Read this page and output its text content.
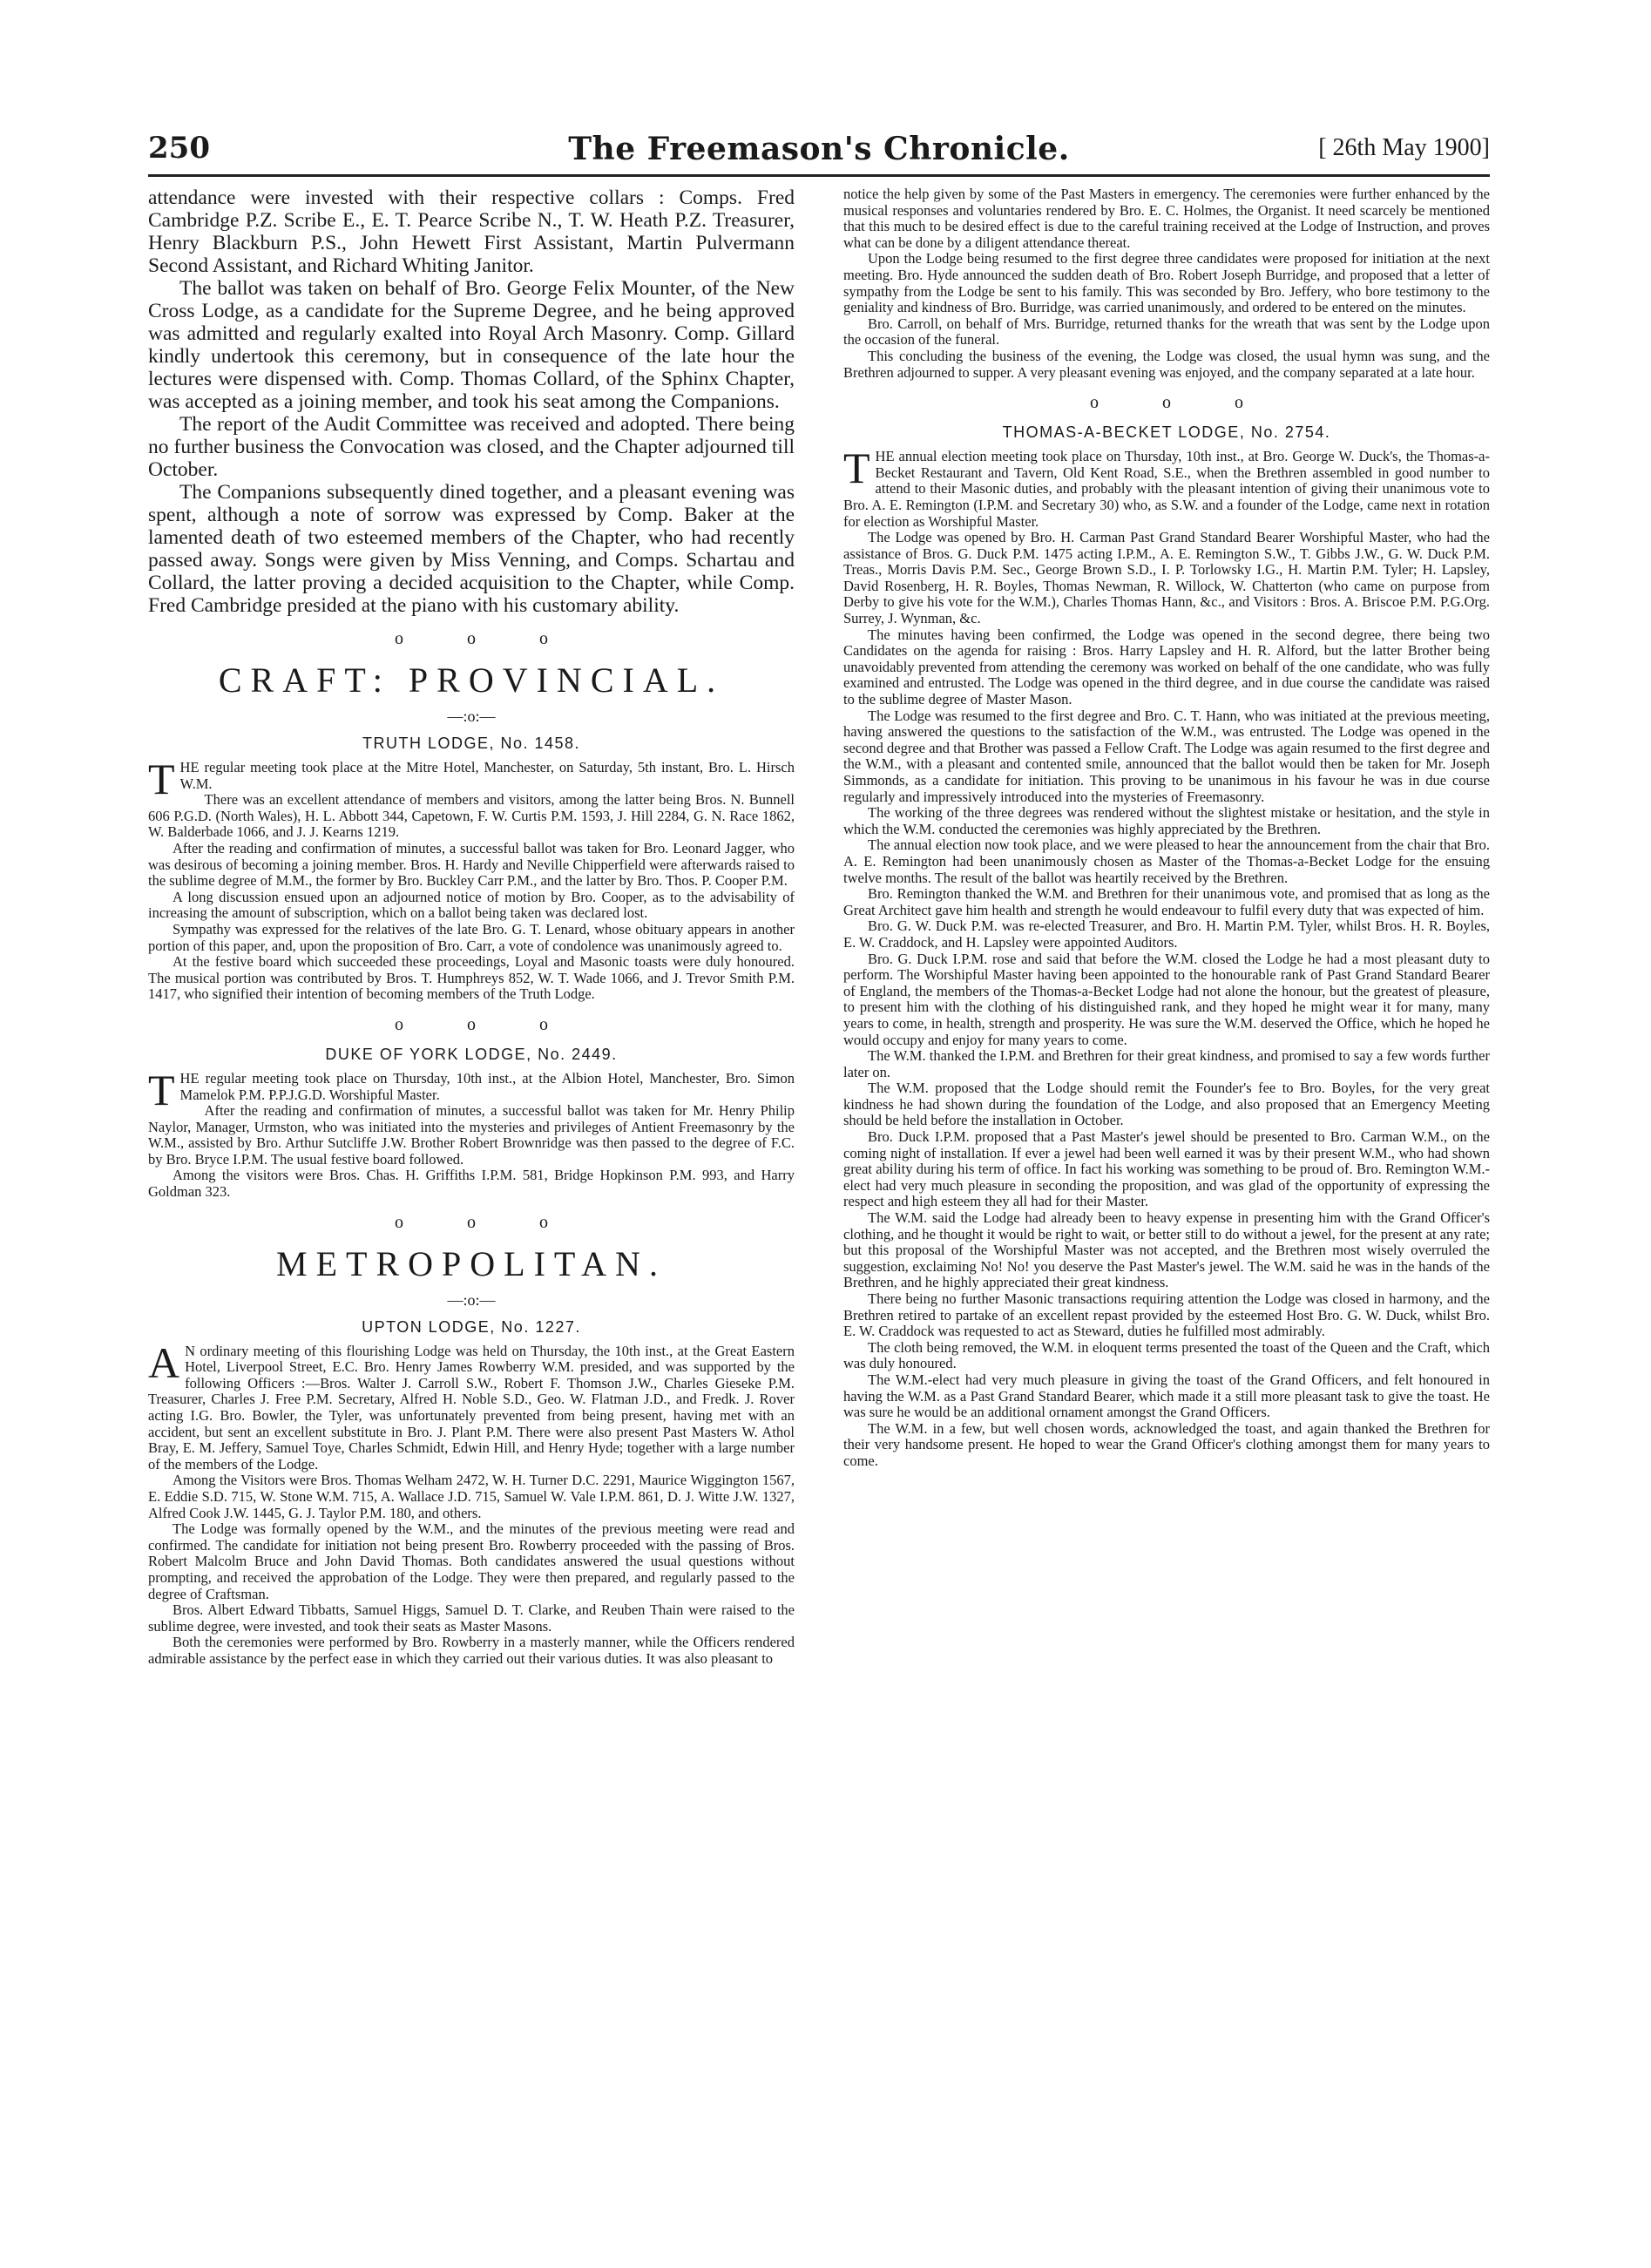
250	The Freemason's Chronicle.	[ 26th May 1900]

attendance were invested with their respective collars : Comps. Fred Cambridge P.Z. Scribe E., E. T. Pearce Scribe N., T. W. Heath P.Z. Treasurer, Henry Blackburn P.S., John Hewett First Assistant, Martin Pulvermann Second Assistant, and Richard Whiting Janitor.

The ballot was taken on behalf of Bro. George Felix Mounter, of the New Cross Lodge, as a candidate for the Supreme Degree, and he being approved was admitted and regularly exalted into Royal Arch Masonry. Comp. Gillard kindly undertook this ceremony, but in consequence of the late hour the lectures were dispensed with. Comp. Thomas Collard, of the Sphinx Chapter, was accepted as a joining member, and took his seat among the Companions.

The report of the Audit Committee was received and adopted. There being no further business the Convocation was closed, and the Chapter adjourned till October.

The Companions subsequently dined together, and a pleasant evening was spent, although a note of sorrow was expressed by Comp. Baker at the lamented death of two esteemed members of the Chapter, who had recently passed away. Songs were given by Miss Venning, and Comps. Schartau and Collard, the latter proving a decided acquisition to the Chapter, while Comp. Fred Cambridge presided at the piano with his customary ability.

o o o
CRAFT: PROVINCIAL.
—:o:—
TRUTH LODGE, No. 1458.

THE regular meeting took place at the Mitre Hotel, Manchester, on Saturday, 5th instant, Bro. L. Hirsch W.M.

There was an excellent attendance of members and visitors, among the latter being Bros. N. Bunnell 606 P.G.D. (North Wales), H. L. Abbott 344, Capetown, F. W. Curtis P.M. 1593, J. Hill 2284, G. N. Race 1862, W. Balderbade 1066, and J. J. Kearns 1219.

After the reading and confirmation of minutes, a successful ballot was taken for Bro. Leonard Jagger, who was desirous of becoming a joining member. Bros. H. Hardy and Neville Chipperfield were afterwards raised to the sublime degree of M.M., the former by Bro. Buckley Carr P.M., and the latter by Bro. Thos. P. Cooper P.M.

A long discussion ensued upon an adjourned notice of motion by Bro. Cooper, as to the advisability of increasing the amount of subscription, which on a ballot being taken was declared lost.

Sympathy was expressed for the relatives of the late Bro. G. T. Lenard, whose obituary appears in another portion of this paper, and, upon the proposition of Bro. Carr, a vote of condolence was unanimously agreed to.

At the festive board which succeeded these proceedings, Loyal and Masonic toasts were duly honoured. The musical portion was contributed by Bros. T. Humphreys 852, W. T. Wade 1066, and J. Trevor Smith P.M. 1417, who signified their intention of becoming members of the Truth Lodge.

o o o
DUKE OF YORK LODGE, No. 2449.

THE regular meeting took place on Thursday, 10th inst., at the Albion Hotel, Manchester, Bro. Simon Mamelok P.M. P.P.J.G.D. Worshipful Master.

After the reading and confirmation of minutes, a successful ballot was taken for Mr. Henry Philip Naylor, Manager, Urmston, who was initiated into the mysteries and privileges of Antient Freemasonry by the W.M., assisted by Bro. Arthur Sutcliffe J.W. Brother Robert Brownridge was then passed to the degree of F.C. by Bro. Bryce I.P.M. The usual festive board followed.

Among the visitors were Bros. Chas. H. Griffiths I.P.M. 581, Bridge Hopkinson P.M. 993, and Harry Goldman 323.

o o o
METROPOLITAN.
—:o:—
UPTON LODGE, No. 1227.

A N ordinary meeting of this flourishing Lodge was held on Thursday, the 10th inst., at the Great Eastern Hotel, Liverpool Street, E.C. Bro. Henry James Rowberry W.M. presided, and was supported by the following Officers :—Bros. Walter J. Carroll S.W., Robert F. Thomson J.W., Charles Gieseke P.M. Treasurer, Charles J. Free P.M. Secretary, Alfred H. Noble S.D., Geo. W. Flatman J.D., and Fredk. J. Rover acting I.G. Bro. Bowler, the Tyler, was unfortunately prevented from being present, having met with an accident, but sent an excellent substitute in Bro. J. Plant P.M. There were also present Past Masters W. Athol Bray, E. M. Jeffery, Samuel Toye, Charles Schmidt, Edwin Hill, and Henry Hyde; together with a large number of the members of the Lodge.

Among the Visitors were Bros. Thomas Welham 2472, W. H. Turner D.C. 2291, Maurice Wiggington 1567, E. Eddie S.D. 715, W. Stone W.M. 715, A. Wallace J.D. 715, Samuel W. Vale I.P.M. 861, D. J. Witte J.W. 1327, Alfred Cook J.W. 1445, G. J. Taylor P.M. 180, and others.

The Lodge was formally opened by the W.M., and the minutes of the previous meeting were read and confirmed. The candidate for initiation not being present Bro. Rowberry proceeded with the passing of Bros. Robert Malcolm Bruce and John David Thomas. Both candidates answered the usual questions without prompting, and received the approbation of the Lodge. They were then prepared, and regularly passed to the degree of Craftsman.

Bros. Albert Edward Tibbatts, Samuel Higgs, Samuel D. T. Clarke, and Reuben Thain were raised to the sublime degree, were invested, and took their seats as Master Masons.

Both the ceremonies were performed by Bro. Rowberry in a masterly manner, while the Officers rendered admirable assistance by the perfect ease in which they carried out their various duties. It was also pleasant to

notice the help given by some of the Past Masters in emergency. The ceremonies were further enhanced by the musical responses and voluntaries rendered by Bro. E. C. Holmes, the Organist. It need scarcely be mentioned that this much to be desired effect is due to the careful training received at the Lodge of Instruction, and proves what can be done by a diligent attendance thereat.

Upon the Lodge being resumed to the first degree three candidates were proposed for initiation at the next meeting. Bro. Hyde announced the sudden death of Bro. Robert Joseph Burridge, and proposed that a letter of sympathy from the Lodge be sent to his family. This was seconded by Bro. Jeffery, who bore testimony to the geniality and kindness of Bro. Burridge, was carried unanimously, and ordered to be entered on the minutes.

Bro. Carroll, on behalf of Mrs. Burridge, returned thanks for the wreath that was sent by the Lodge upon the occasion of the funeral.

This concluding the business of the evening, the Lodge was closed, the usual hymn was sung, and the Brethren adjourned to supper. A very pleasant evening was enjoyed, and the company separated at a late hour.

o o o
THOMAS-A-BECKET LODGE, No. 2754.

THE annual election meeting took place on Thursday, 10th inst., at Bro. George W. Duck's, the Thomas-a-Becket Restaurant and Tavern, Old Kent Road, S.E., when the Brethren assembled in good number to attend to their Masonic duties, and probably with the pleasant intention of giving their unanimous vote to Bro. A. E. Remington (I.P.M. and Secretary 30) who, as S.W. and a founder of the Lodge, came next in rotation for election as Worshipful Master.

The Lodge was opened by Bro. H. Carman Past Grand Standard Bearer Worshipful Master, who had the assistance of Bros. G. Duck P.M. 1475 acting I.P.M., A. E. Remington S.W., T. Gibbs J.W., G. W. Duck P.M. Treas., Morris Davis P.M. Sec., George Brown S.D., I. P. Torlowsky I.G., H. Martin P.M. Tyler; H. Lapsley, David Rosenberg, H. R. Boyles, Thomas Newman, R. Willock, W. Chatterton (who came on purpose from Derby to give his vote for the W.M.), Charles Thomas Hann, &c., and Visitors : Bros. A. Briscoe P.M. P.G.Org. Surrey, J. Wynman, &c.

The minutes having been confirmed, the Lodge was opened in the second degree, there being two Candidates on the agenda for raising : Bros. Harry Lapsley and H. R. Alford, but the latter Brother being unavoidably prevented from attending the ceremony was worked on behalf of the one candidate, who was fully examined and entrusted. The Lodge was opened in the third degree, and in due course the candidate was raised to the sublime degree of Master Mason.

The Lodge was resumed to the first degree and Bro. C. T. Hann, who was initiated at the previous meeting, having answered the questions to the satisfaction of the W.M., was entrusted. The Lodge was opened in the second degree and that Brother was passed a Fellow Craft. The Lodge was again resumed to the first degree and the W.M., with a pleasant and contented smile, announced that the ballot would then be taken for Mr. Joseph Simmonds, as a candidate for initiation. This proving to be unanimous in his favour he was in due course regularly and impressively introduced into the mysteries of Freemasonry.

The working of the three degrees was rendered without the slightest mistake or hesitation, and the style in which the W.M. conducted the ceremonies was highly appreciated by the Brethren.

The annual election now took place, and we were pleased to hear the announcement from the chair that Bro. A. E. Remington had been unanimously chosen as Master of the Thomas-a-Becket Lodge for the ensuing twelve months. The result of the ballot was heartily received by the Brethren.

Bro. Remington thanked the W.M. and Brethren for their unanimous vote, and promised that as long as the Great Architect gave him health and strength he would endeavour to fulfil every duty that was expected of him.

Bro. G. W. Duck P.M. was re-elected Treasurer, and Bro. H. Martin P.M. Tyler, whilst Bros. H. R. Boyles, E. W. Craddock, and H. Lapsley were appointed Auditors.

Bro. G. Duck I.P.M. rose and said that before the W.M. closed the Lodge he had a most pleasant duty to perform. The Worshipful Master having been appointed to the honourable rank of Past Grand Standard Bearer of England, the members of the Thomas-a-Becket Lodge had not alone the honour, but the greatest of pleasure, to present him with the clothing of his distinguished rank, and they hoped he might wear it for many, many years to come, in health, strength and prosperity. He was sure the W.M. deserved the Office, which he hoped he would occupy and enjoy for many years to come.

The W.M. thanked the I.P.M. and Brethren for their great kindness, and promised to say a few words further later on.

The W.M. proposed that the Lodge should remit the Founder's fee to Bro. Boyles, for the very great kindness he had shown during the foundation of the Lodge, and also proposed that an Emergency Meeting should be held before the installation in October.

Bro. Duck I.P.M. proposed that a Past Master's jewel should be presented to Bro. Carman W.M., on the coming night of installation. If ever a jewel had been well earned it was by their present W.M., who had shown great ability during his term of office. In fact his working was something to be proud of. Bro. Remington W.M.-elect had very much pleasure in seconding the proposition, and was glad of the opportunity of expressing the respect and high esteem they all had for their Master.

The W.M. said the Lodge had already been to heavy expense in presenting him with the Grand Officer's clothing, and he thought it would be right to wait, or better still to do without a jewel, for the present at any rate; but this proposal of the Worshipful Master was not accepted, and the Brethren most wisely overruled the suggestion, exclaiming No! No! you deserve the Past Master's jewel. The W.M. said he was in the hands of the Brethren, and he highly appreciated their great kindness.

There being no further Masonic transactions requiring attention the Lodge was closed in harmony, and the Brethren retired to partake of an excellent repast provided by the esteemed Host Bro. G. W. Duck, whilst Bro. E. W. Craddock was requested to act as Steward, duties he fulfilled most admirably.

The cloth being removed, the W.M. in eloquent terms presented the toast of the Queen and the Craft, which was duly honoured.

The W.M.-elect had very much pleasure in giving the toast of the Grand Officers, and felt honoured in having the W.M. as a Past Grand Standard Bearer, which made it a still more pleasant task to give the toast. He was sure he would be an additional ornament amongst the Grand Officers.

The W.M. in a few, but well chosen words, acknowledged the toast, and again thanked the Brethren for their very handsome present. He hoped to wear the Grand Officer's clothing amongst them for many years to come.
